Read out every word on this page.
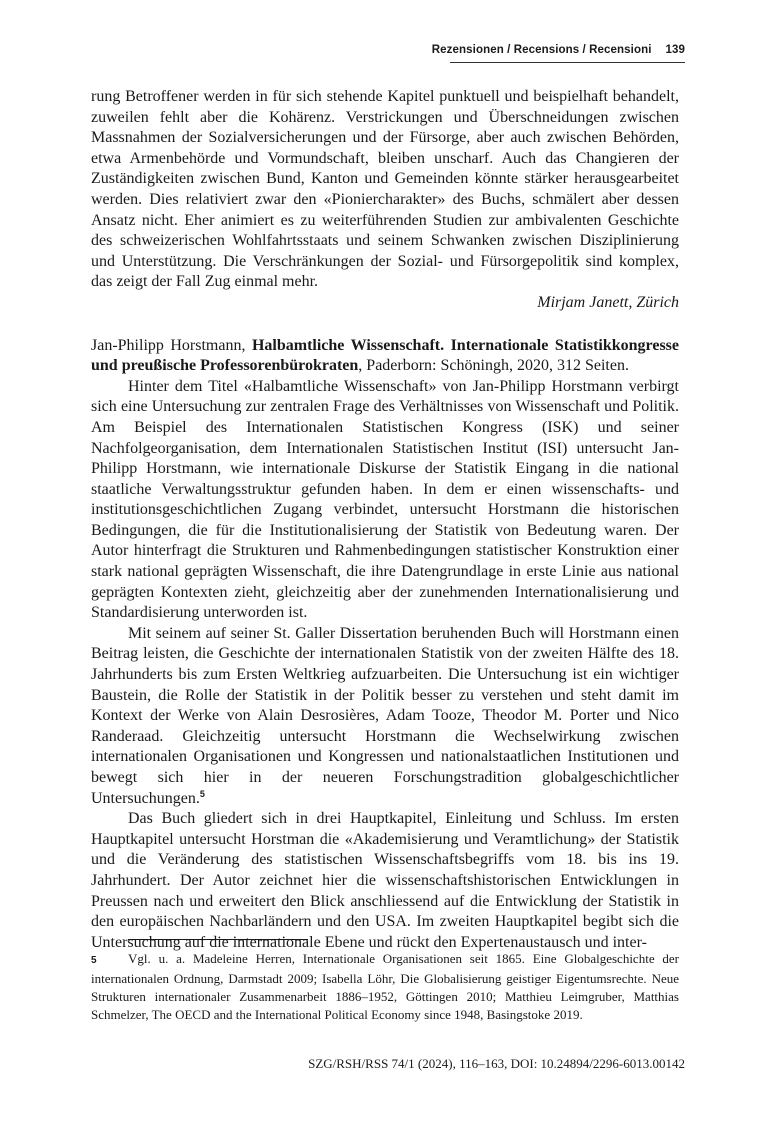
Rezensionen / Recensions / Recensioni 139

rung Betroffener werden in für sich stehende Kapitel punktuell und beispielhaft behandelt, zuweilen fehlt aber die Kohärenz. Verstrickungen und Überschneidungen zwischen Massnahmen der Sozialversicherungen und der Fürsorge, aber auch zwischen Behörden, etwa Armenbehörde und Vormundschaft, bleiben unscharf. Auch das Changieren der Zuständigkeiten zwischen Bund, Kanton und Gemeinden könnte stärker herausgearbeitet werden. Dies relativiert zwar den «Pioniercharakter» des Buchs, schmälert aber dessen Ansatz nicht. Eher animiert es zu weiterführenden Studien zur ambivalenten Geschichte des schweizerischen Wohlfahrtsstaats und seinem Schwanken zwischen Disziplinierung und Unterstützung. Die Verschränkungen der Sozial- und Fürsorgepolitik sind komplex, das zeigt der Fall Zug einmal mehr.

Mirjam Janett, Zürich

Jan-Philipp Horstmann, Halbamtliche Wissenschaft. Internationale Statistikkongresse und preußische Professorenbürokraten, Paderborn: Schöningh, 2020, 312 Seiten.

Hinter dem Titel «Halbamtliche Wissenschaft» von Jan-Philipp Horstmann verbirgt sich eine Untersuchung zur zentralen Frage des Verhältnisses von Wissenschaft und Politik. Am Beispiel des Internationalen Statistischen Kongress (ISK) und seiner Nachfolgeorganisation, dem Internationalen Statistischen Institut (ISI) untersucht Jan-Philipp Horstmann, wie internationale Diskurse der Statistik Eingang in die national staatliche Verwaltungsstruktur gefunden haben. In dem er einen wissenschafts- und institutionsgeschichtlichen Zugang verbindet, untersucht Horstmann die historischen Bedingungen, die für die Institutionalisierung der Statistik von Bedeutung waren. Der Autor hinterfragt die Strukturen und Rahmenbedingungen statistischer Konstruktion einer stark national geprägten Wissenschaft, die ihre Datengrundlage in erste Linie aus national geprägten Kontexten zieht, gleichzeitig aber der zunehmenden Internationalisierung und Standardisierung unterworden ist.

Mit seinem auf seiner St. Galler Dissertation beruhenden Buch will Horstmann einen Beitrag leisten, die Geschichte der internationalen Statistik von der zweiten Hälfte des 18. Jahrhunderts bis zum Ersten Weltkrieg aufzuarbeiten. Die Untersuchung ist ein wichtiger Baustein, die Rolle der Statistik in der Politik besser zu verstehen und steht damit im Kontext der Werke von Alain Desrosières, Adam Tooze, Theodor M. Porter und Nico Randeraad. Gleichzeitig untersucht Horstmann die Wechselwirkung zwischen internationalen Organisationen und Kongressen und nationalstaatlichen Institutionen und bewegt sich hier in der neueren Forschungstradition globalgeschichtlicher Untersuchungen.$^5$

Das Buch gliedert sich in drei Hauptkapitel, Einleitung und Schluss. Im ersten Hauptkapitel untersucht Horstman die «Akademisierung und Veramtlichung» der Statistik und die Veränderung des statistischen Wissenschaftsbegriffs vom 18. bis ins 19. Jahrhundert. Der Autor zeichnet hier die wissenschaftshistorischen Entwicklungen in Preussen nach und erweitert den Blick anschliessend auf die Entwicklung der Statistik in den europäischen Nachbarländern und den USA. Im zweiten Hauptkapitel begibt sich die Untersuchung auf die internationale Ebene und rückt den Expertenaustausch und inter-

5 Vgl. u. a. Madeleine Herren, Internationale Organisationen seit 1865. Eine Globalgeschichte der internationalen Ordnung, Darmstadt 2009; Isabella Löhr, Die Globalisierung geistiger Eigentumsrechte. Neue Strukturen internationaler Zusammenarbeit 1886–1952, Göttingen 2010; Matthieu Leimgruber, Matthias Schmelzer, The OECD and the International Political Economy since 1948, Basingstoke 2019.
SZG/RSH/RSS 74/1 (2024), 116–163, DOI: 10.24894/2296-6013.00142
